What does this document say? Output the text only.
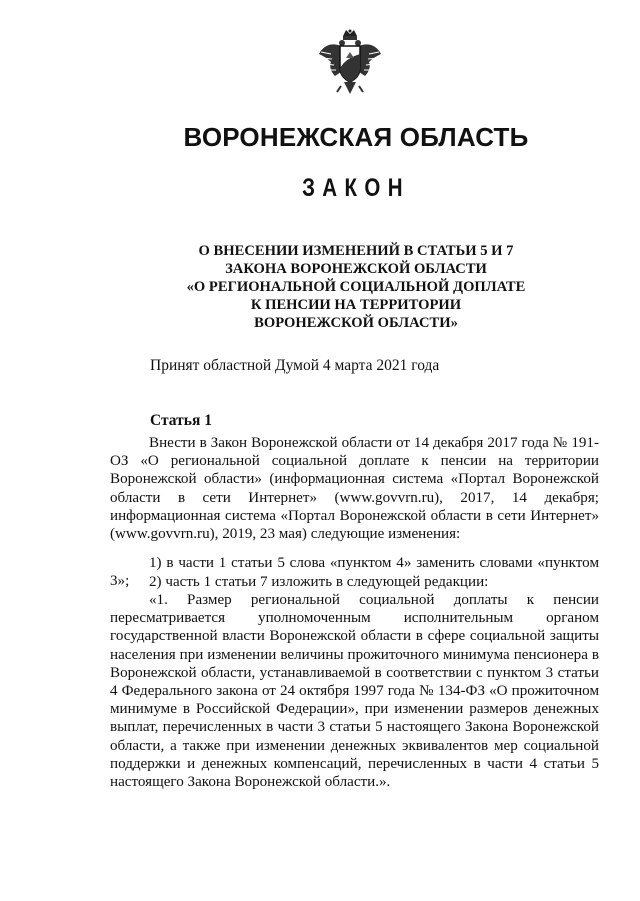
ВОРОНЕЖСКАЯ ОБЛАСТЬ
ЗАКОН
О ВНЕСЕНИИ ИЗМЕНЕНИЙ В СТАТЬИ 5 И 7
ЗАКОНА ВОРОНЕЖСКОЙ ОБЛАСТИ
«О РЕГИОНАЛЬНОЙ СОЦИАЛЬНОЙ ДОПЛАТЕ
К ПЕНСИИ НА ТЕРРИТОРИИ
ВОРОНЕЖСКОЙ ОБЛАСТИ»
Принят областной Думой 4 марта 2021 года
Статья 1
Внести в Закон Воронежской области от 14 декабря 2017 года № 191-ОЗ «О региональной социальной доплате к пенсии на территории Воронежской области» (информационная система «Портал Воронежской области в сети Интернет» (www.govvrn.ru), 2017, 14 декабря; информационная система «Портал Воронежской области в сети Интернет» (www.govvrn.ru), 2019, 23 мая) следующие изменения:
1) в части 1 статьи 5 слова «пунктом 4» заменить словами «пунктом 3»;	2) часть 1 статьи 7 изложить в следующей редакции:
«1. Размер региональной социальной доплаты к пенсии пересматривается уполномоченным исполнительным органом государственной власти Воронежской области в сфере социальной защиты населения при изменении величины прожиточного минимума пенсионера в Воронежской области, устанавливаемой в соответствии с пунктом 3 статьи 4 Федерального закона от 24 октября 1997 года № 134-ФЗ «О прожиточном минимуме в Российской Федерации», при изменении размеров денежных выплат, перечисленных в части 3 статьи 5 настоящего Закона Воронежской области, а также при изменении денежных эквивалентов мер социальной поддержки и денежных компенсаций, перечисленных в части 4 статьи 5 настоящего Закона Воронежской области.».
